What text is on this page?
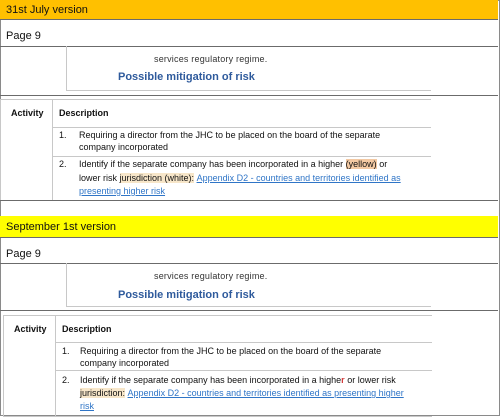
31st July version
Page 9
services regulatory regime.
Possible mitigation of risk
Activity Description
1. Requiring a director from the JHC to be placed on the board of the separate
company incorporated
2. Identify if the separate company has been incorporated in a higher (yellow) or
lower risk jurisdiction (white): Appendix D2 - countries and territories identified as
presenting higher risk
September 1st version
Page 9
services regulatory regime.
Possible mitigation of risk
Activity Description
1. Requiring a director from the JHC to be placed on the board of the separate
company incorporated
2. Identify if the separate company has been incorporated in a higher or lower risk
jurisdiction: Appendix D2 - countries and territories identified as presenting higher
risk
